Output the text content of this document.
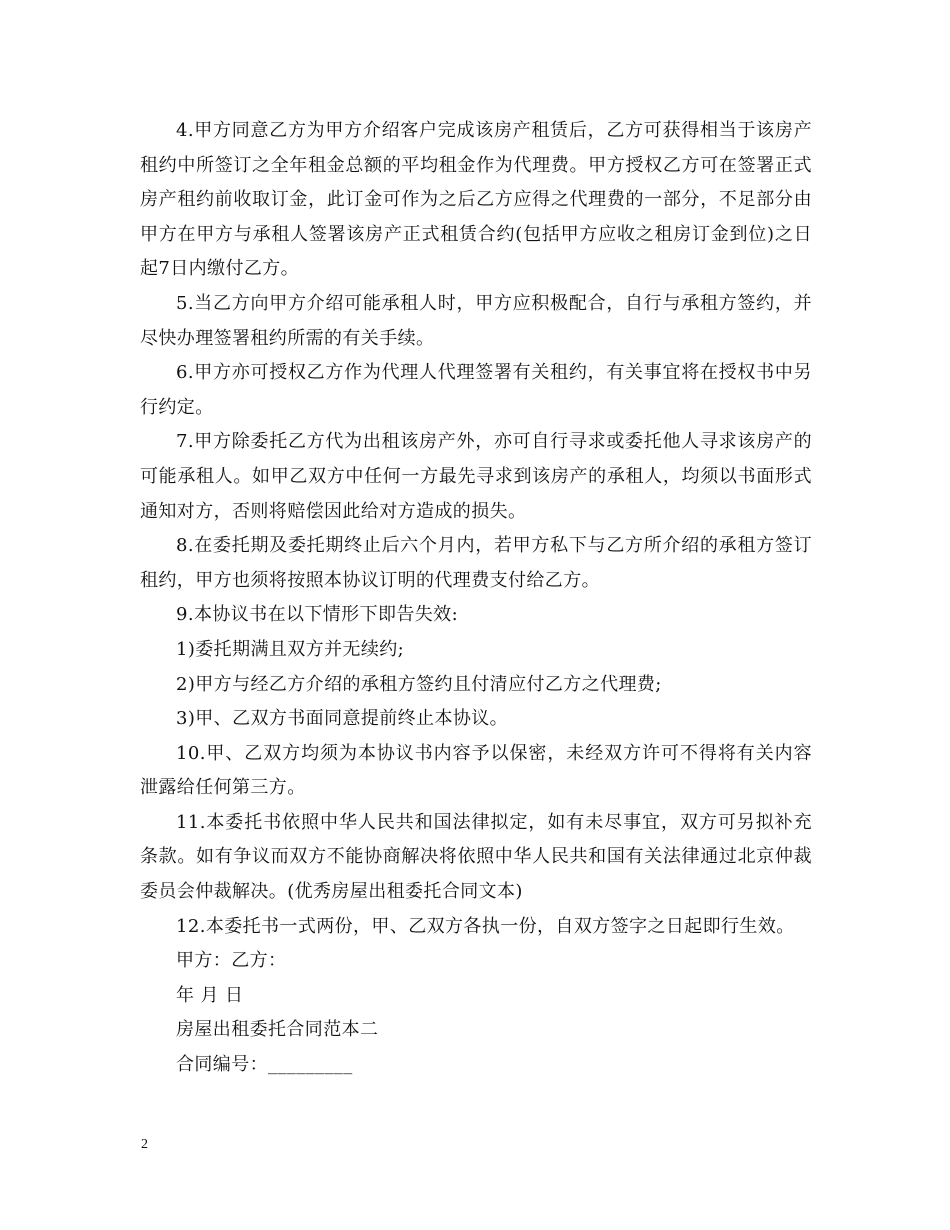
4.甲方同意乙方为甲方介绍客户完成该房产租赁后，乙方可获得相当于该房产租约中所签订之全年租金总额的平均租金作为代理费。甲方授权乙方可在签署正式房产租约前收取订金，此订金可作为之后乙方应得之代理费的一部分，不足部分由甲方在甲方与承租人签署该房产正式租赁合约(包括甲方应收之租房订金到位)之日起7日内缴付乙方。

5.当乙方向甲方介绍可能承租人时，甲方应积极配合，自行与承租方签约，并尽快办理签署租约所需的有关手续。

6.甲方亦可授权乙方作为代理人代理签署有关租约，有关事宜将在授权书中另行约定。

7.甲方除委托乙方代为出租该房产外，亦可自行寻求或委托他人寻求该房产的可能承租人。如甲乙双方中任何一方最先寻求到该房产的承租人，均须以书面形式通知对方，否则将赔偿因此给对方造成的损失。

8.在委托期及委托期终止后六个月内，若甲方私下与乙方所介绍的承租方签订租约，甲方也须将按照本协议订明的代理费支付给乙方。

9.本协议书在以下情形下即告失效:

1)委托期满且双方并无续约;

2)甲方与经乙方介绍的承租方签约且付清应付乙方之代理费;

3)甲、乙双方书面同意提前终止本协议。

10.甲、乙双方均须为本协议书内容予以保密，未经双方许可不得将有关内容泄露给任何第三方。

11.本委托书依照中华人民共和国法律拟定，如有未尽事宜，双方可另拟补充条款。如有争议而双方不能协商解决将依照中华人民共和国有关法律通过北京仲裁委员会仲裁解决。(优秀房屋出租委托合同文本)

12.本委托书一式两份，甲、乙双方各执一份，自双方签字之日起即行生效。

甲方：乙方：

年 月 日

房屋出租委托合同范本二

合同编号：_________

2
